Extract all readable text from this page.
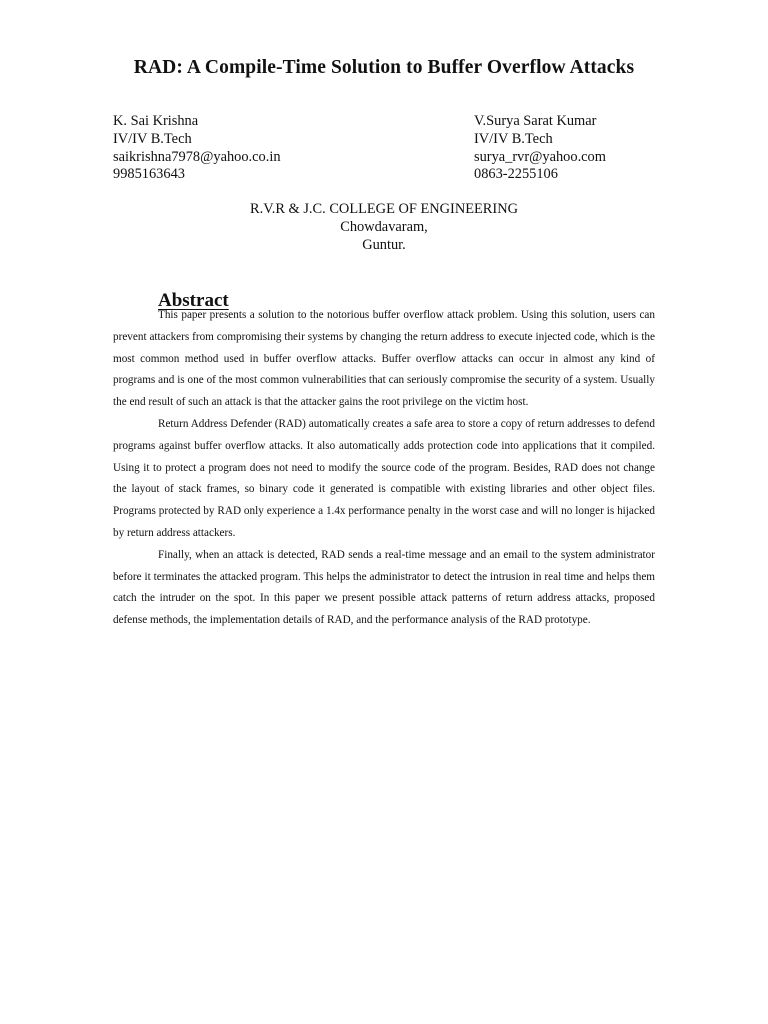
RAD: A Compile-Time Solution to Buffer Overflow Attacks
K. Sai Krishna
IV/IV B.Tech
saikrishna7978@yahoo.co.in
9985163643
V.Surya Sarat Kumar
IV/IV B.Tech
surya_rvr@yahoo.com
0863-2255106
R.V.R & J.C. COLLEGE OF ENGINEERING
Chowdavaram,
Guntur.
Abstract

This paper presents a solution to the notorious buffer overflow attack problem. Using this solution, users can prevent attackers from compromising their systems by changing the return address to execute injected code, which is the most common method used in buffer overflow attacks. Buffer overflow attacks can occur in almost any kind of programs and is one of the most common vulnerabilities that can seriously compromise the security of a system. Usually the end result of such an attack is that the attacker gains the root privilege on the victim host.

Return Address Defender (RAD) automatically creates a safe area to store a copy of return addresses to defend programs against buffer overflow attacks. It also automatically adds protection code into applications that it compiled. Using it to protect a program does not need to modify the source code of the program. Besides, RAD does not change the layout of stack frames, so binary code it generated is compatible with existing libraries and other object files. Programs protected by RAD only experience a 1.4x performance penalty in the worst case and will no longer is hijacked by return address attackers.

Finally, when an attack is detected, RAD sends a real-time message and an email to the system administrator before it terminates the attacked program. This helps the administrator to detect the intrusion in real time and helps them catch the intruder on the spot. In this paper we present possible attack patterns of return address attacks, proposed defense methods, the implementation details of RAD, and the performance analysis of the RAD prototype.
